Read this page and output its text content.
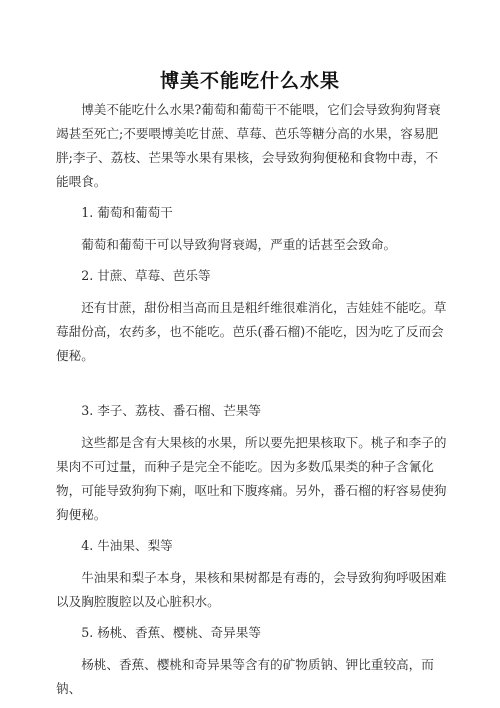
博美不能吃什么水果

博美不能吃什么水果?葡萄和葡萄干不能喂，它们会导致狗狗肾衰竭甚至死亡;不要喂博美吃甘蔗、草莓、芭乐等糖分高的水果，容易肥胖;李子、荔枝、芒果等水果有果核，会导致狗狗便秘和食物中毒，不能喂食。

1. 葡萄和葡萄干

葡萄和葡萄干可以导致狗肾衰竭，严重的话甚至会致命。

2. 甘蔗、草莓、芭乐等

还有甘蔗，甜份相当高而且是粗纤维很难消化，吉娃娃不能吃。草莓甜份高，农药多，也不能吃。芭乐(番石榴)不能吃，因为吃了反而会便秘。

3. 李子、荔枝、番石榴、芒果等

这些都是含有大果核的水果，所以要先把果核取下。桃子和李子的果肉不可过量，而种子是完全不能吃。因为多数瓜果类的种子含氰化物，可能导致狗狗下痢，呕吐和下腹疼痛。另外，番石榴的籽容易使狗狗便秘。

4. 牛油果、梨等

牛油果和梨子本身，果核和果树都是有毒的，会导致狗狗呼吸困难以及胸腔腹腔以及心脏积水。

5. 杨桃、香蕉、樱桃、奇异果等

杨桃、香蕉、樱桃和奇异果等含有的矿物质钠、钾比重较高，而钠、
